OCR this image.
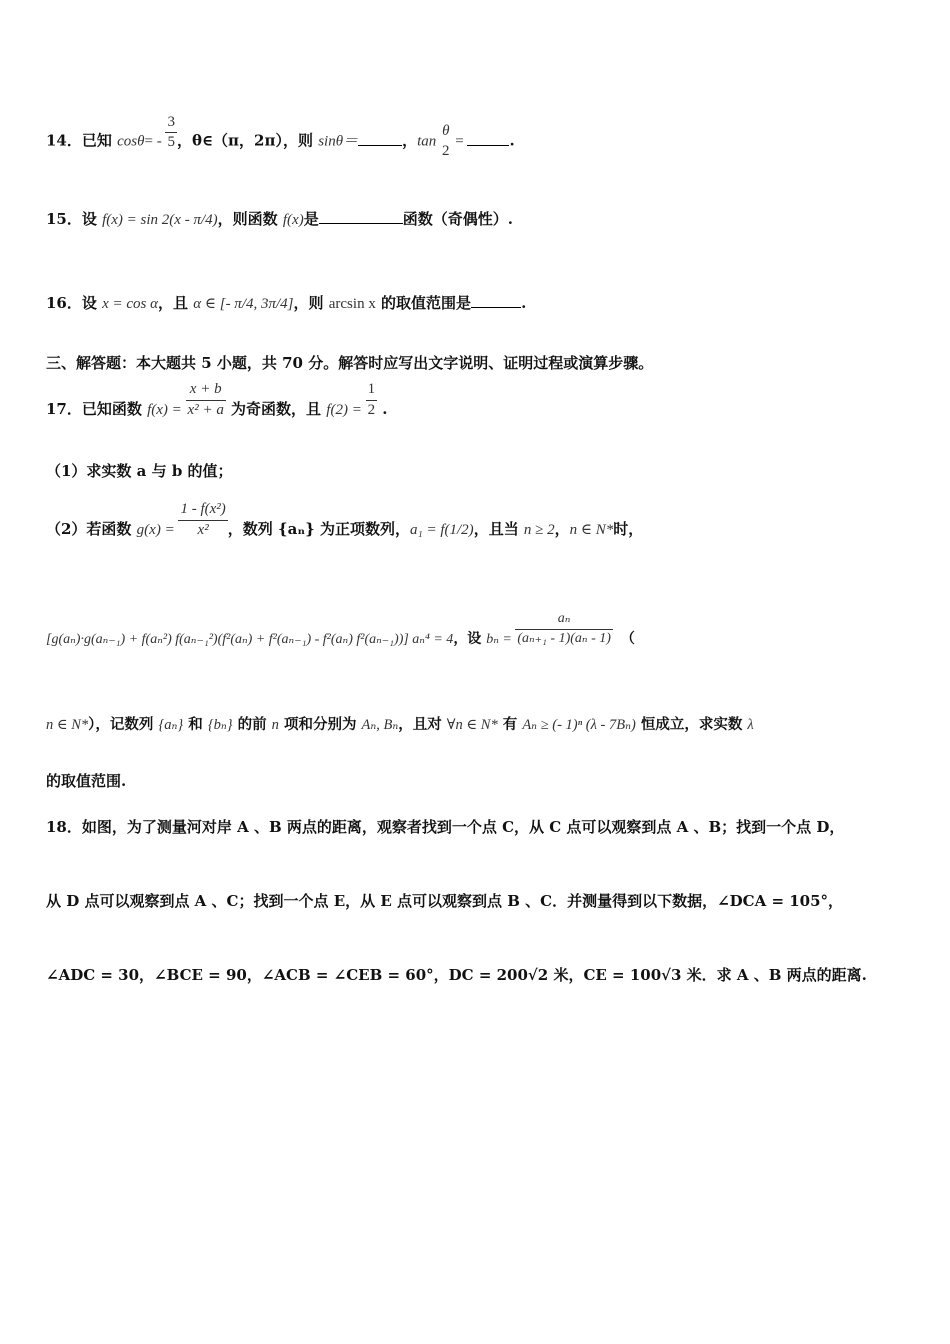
14．已知 $\cos\theta= - \frac{3}{5}$ ，θ∈（π，2π），则 sinθ＝	，tan
θ
2
=	.
15．设 f(x) = sin 2(x - π/4)，则函数 f(x)是	函数（奇偶性）.
16．设 x = cos α，且 α ∈ [- π/4, 3π/4]，则 arcsin x 的取值范围是	.
三、解答题：本大题共 5 小题，共 70 分。解答时应写出文字说明、证明过程或演算步骤。
17．已知函数 $f(x) = \frac{x + b}{\text{x² + a}}$ 为奇函数，且 $f(2) = \frac{1}{2}$ .
（1）求实数 a 与 b 的值；
（2）若函数 $g(x) = \frac{\text{1 - f(x²)}}{\text{x²}}$ ，数列 {aₙ} 为正项数列，a₁ = f(1/2)，且当 n ≥ 2，n ∈ N*时，
[g(aₙ)·g(aₙ₋₁) + f(aₙ²) f(aₙ₋₁²)(f²(aₙ) + f²(aₙ₋₁) - f²(aₙ) f²(aₙ₋₁))] aₙ⁴ = 4，设 $b_n = \frac{\text{aₙ}}{\text{(aₙ₊₁ - 1)(aₙ - 1)}}$ （
n ∈ N*），记数列 {aₙ} 和 {bₙ} 的前 n 项和分别为 Aₙ, Bₙ，且对 ∀n ∈ N* 有 Aₙ ≥ (- 1)ⁿ (λ - 7Bₙ) 恒成立，求实数 λ
的取值范围.
18．如图，为了测量河对岸 A 、B 两点的距离，观察者找到一个点 C，从 C 点可以观察到点 A 、B；找到一个点 D，
从 D 点可以观察到点 A 、C；找到一个点 E，从 E 点可以观察到点 B 、C．并测量得到以下数据，∠DCA = 105°，
∠ADC = 30，∠BCE = 90，∠ACB = ∠CEB = 60°，DC = 200√2 米，CE = 100√3 米．求 A 、B 两点的距离.
